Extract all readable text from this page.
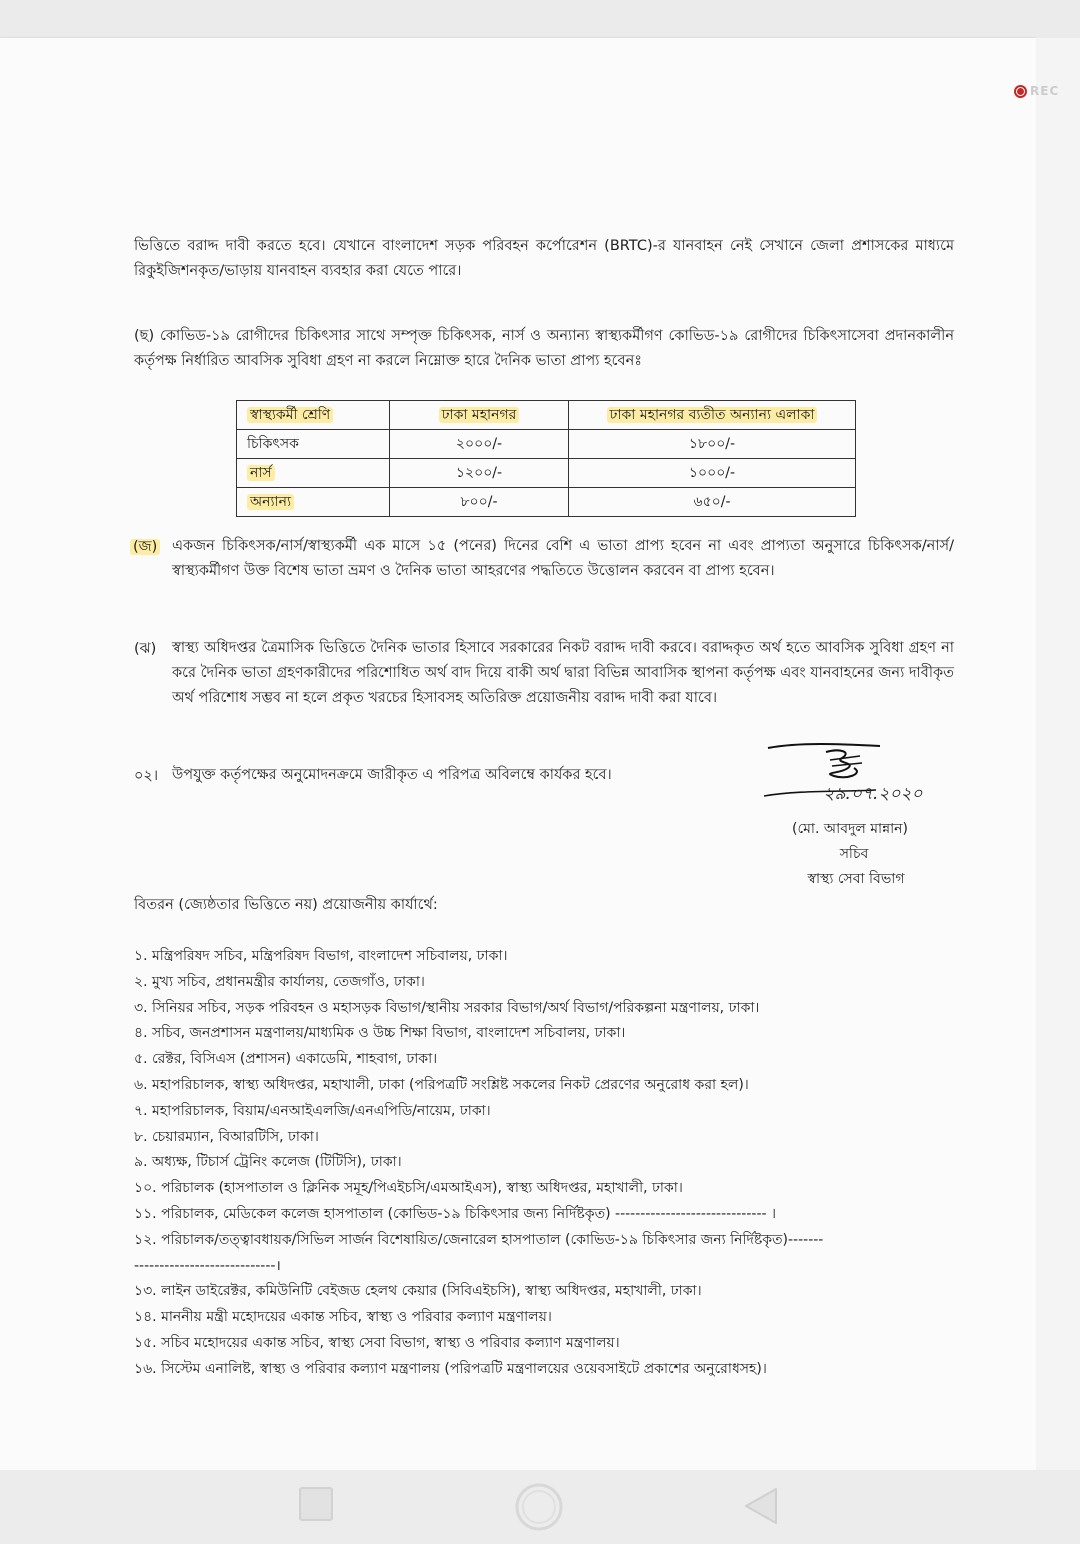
REC
ভিত্তিতে বরাদ্দ দাবী করতে হবে। যেখানে বাংলাদেশ সড়ক পরিবহন কর্পোরেশন (BRTC)-র যানবাহন নেই সেখানে জেলা প্রশাসকের মাধ্যমে রিকুইজিশনকৃত/ভাড়ায় যানবাহন ব্যবহার করা যেতে পারে।
(ছ) কোভিড-১৯ রোগীদের চিকিৎসার সাথে সম্পৃক্ত চিকিৎসক, নার্স ও অন্যান্য স্বাস্থ্যকর্মীগণ কোভিড-১৯ রোগীদের চিকিৎসাসেবা প্রদানকালীন কর্তৃপক্ষ নির্ধারিত আবসিক সুবিধা গ্রহণ না করলে নিম্নোক্ত হারে দৈনিক ভাতা প্রাপ্য হবেনঃ
স্বাস্থ্যকর্মী শ্রেণি	ঢাকা মহানগর	ঢাকা মহানগর ব্যতীত অন্যান্য এলাকা
চিকিৎসক	২০০০/-	১৮০০/-
নার্স	১২০০/-	১০০০/-
অন্যান্য	৮০০/-	৬৫০/-
(জ) একজন চিকিৎসক/নার্স/স্বাস্থ্যকর্মী এক মাসে ১৫ (পনের) দিনের বেশি এ ভাতা প্রাপ্য হবেন না এবং প্রাপ্যতা অনুসারে চিকিৎসক/নার্স/স্বাস্থ্যকর্মীগণ উক্ত বিশেষ ভাতা ভ্রমণ ও দৈনিক ভাতা আহরণের পদ্ধতিতে উত্তোলন করবেন বা প্রাপ্য হবেন।
(ঝ) স্বাস্থ্য অধিদপ্তর ত্রৈমাসিক ভিত্তিতে দৈনিক ভাতার হিসাবে সরকারের নিকট বরাদ্দ দাবী করবে। বরাদ্দকৃত অর্থ হতে আবসিক সুবিধা গ্রহণ না করে দৈনিক ভাতা গ্রহণকারীদের পরিশোধিত অর্থ বাদ দিয়ে বাকী অর্থ দ্বারা বিভিন্ন আবাসিক স্থাপনা কর্তৃপক্ষ এবং যানবাহনের জন্য দাবীকৃত অর্থ পরিশোধ সম্ভব না হলে প্রকৃত খরচের হিসাবসহ অতিরিক্ত প্রয়োজনীয় বরাদ্দ দাবী করা যাবে।
০২। উপযুক্ত কর্তৃপক্ষের অনুমোদনক্রমে জারীকৃত এ পরিপত্র অবিলম্বে কার্যকর হবে।
২৯.০৭.২০২০
(মো. আবদুল মান্নান)
সচিব
স্বাস্থ্য সেবা বিভাগ
বিতরন (জ্যেষ্ঠতার ভিত্তিতে নয়) প্রয়োজনীয় কার্যার্থে:
১. মন্ত্রিপরিষদ সচিব, মন্ত্রিপরিষদ বিভাগ, বাংলাদেশ সচিবালয়, ঢাকা।
২. মুখ্য সচিব, প্রধানমন্ত্রীর কার্যালয়, তেজগাঁও, ঢাকা।
৩. সিনিয়র সচিব, সড়ক পরিবহন ও মহাসড়ক বিভাগ/স্থানীয় সরকার বিভাগ/অর্থ বিভাগ/পরিকল্পনা মন্ত্রণালয়, ঢাকা।
৪. সচিব, জনপ্রশাসন মন্ত্রণালয়/মাধ্যমিক ও উচ্চ শিক্ষা বিভাগ, বাংলাদেশ সচিবালয়, ঢাকা।
৫. রেক্টর, বিসিএস (প্রশাসন) একাডেমি, শাহবাগ, ঢাকা।
৬. মহাপরিচালক, স্বাস্থ্য অধিদপ্তর, মহাখালী, ঢাকা (পরিপত্রটি সংশ্লিষ্ট সকলের নিকট প্রেরণের অনুরোধ করা হল)।
৭. মহাপরিচালক, বিয়াম/এনআইএলজি/এনএপিডি/নায়েম, ঢাকা।
৮. চেয়ারম্যান, বিআরটিসি, ঢাকা।
৯. অধ্যক্ষ, টিচার্স ট্রেনিং কলেজ (টিটিসি), ঢাকা।
১০. পরিচালক (হাসপাতাল ও ক্লিনিক সমূহ/পিএইচসি/এমআইএস), স্বাস্থ্য অধিদপ্তর, মহাখালী, ঢাকা।
১১. পরিচালক, মেডিকেল কলেজ হাসপাতাল (কোভিড-১৯ চিকিৎসার জন্য নির্দিষ্টকৃত) ------------------------------ ।
১২. পরিচালক/তত্ত্বাবধায়ক/সিভিল সার্জন বিশেষায়িত/জেনারেল হাসপাতাল (কোভিড-১৯ চিকিৎসার জন্য নির্দিষ্টকৃত)-------
----------------------------।
১৩. লাইন ডাইরেক্টর, কমিউনিটি বেইজড হেলথ কেয়ার (সিবিএইচসি), স্বাস্থ্য অধিদপ্তর, মহাখালী, ঢাকা।
১৪. মাননীয় মন্ত্রী মহোদয়ের একান্ত সচিব, স্বাস্থ্য ও পরিবার কল্যাণ মন্ত্রণালয়।
১৫. সচিব মহোদয়ের একান্ত সচিব, স্বাস্থ্য সেবা বিভাগ, স্বাস্থ্য ও পরিবার কল্যাণ মন্ত্রণালয়।
১৬. সিস্টেম এনালিষ্ট, স্বাস্থ্য ও পরিবার কল্যাণ মন্ত্রণালয় (পরিপত্রটি মন্ত্রণালয়ের ওয়েবসাইটে প্রকাশের অনুরোধসহ)।
